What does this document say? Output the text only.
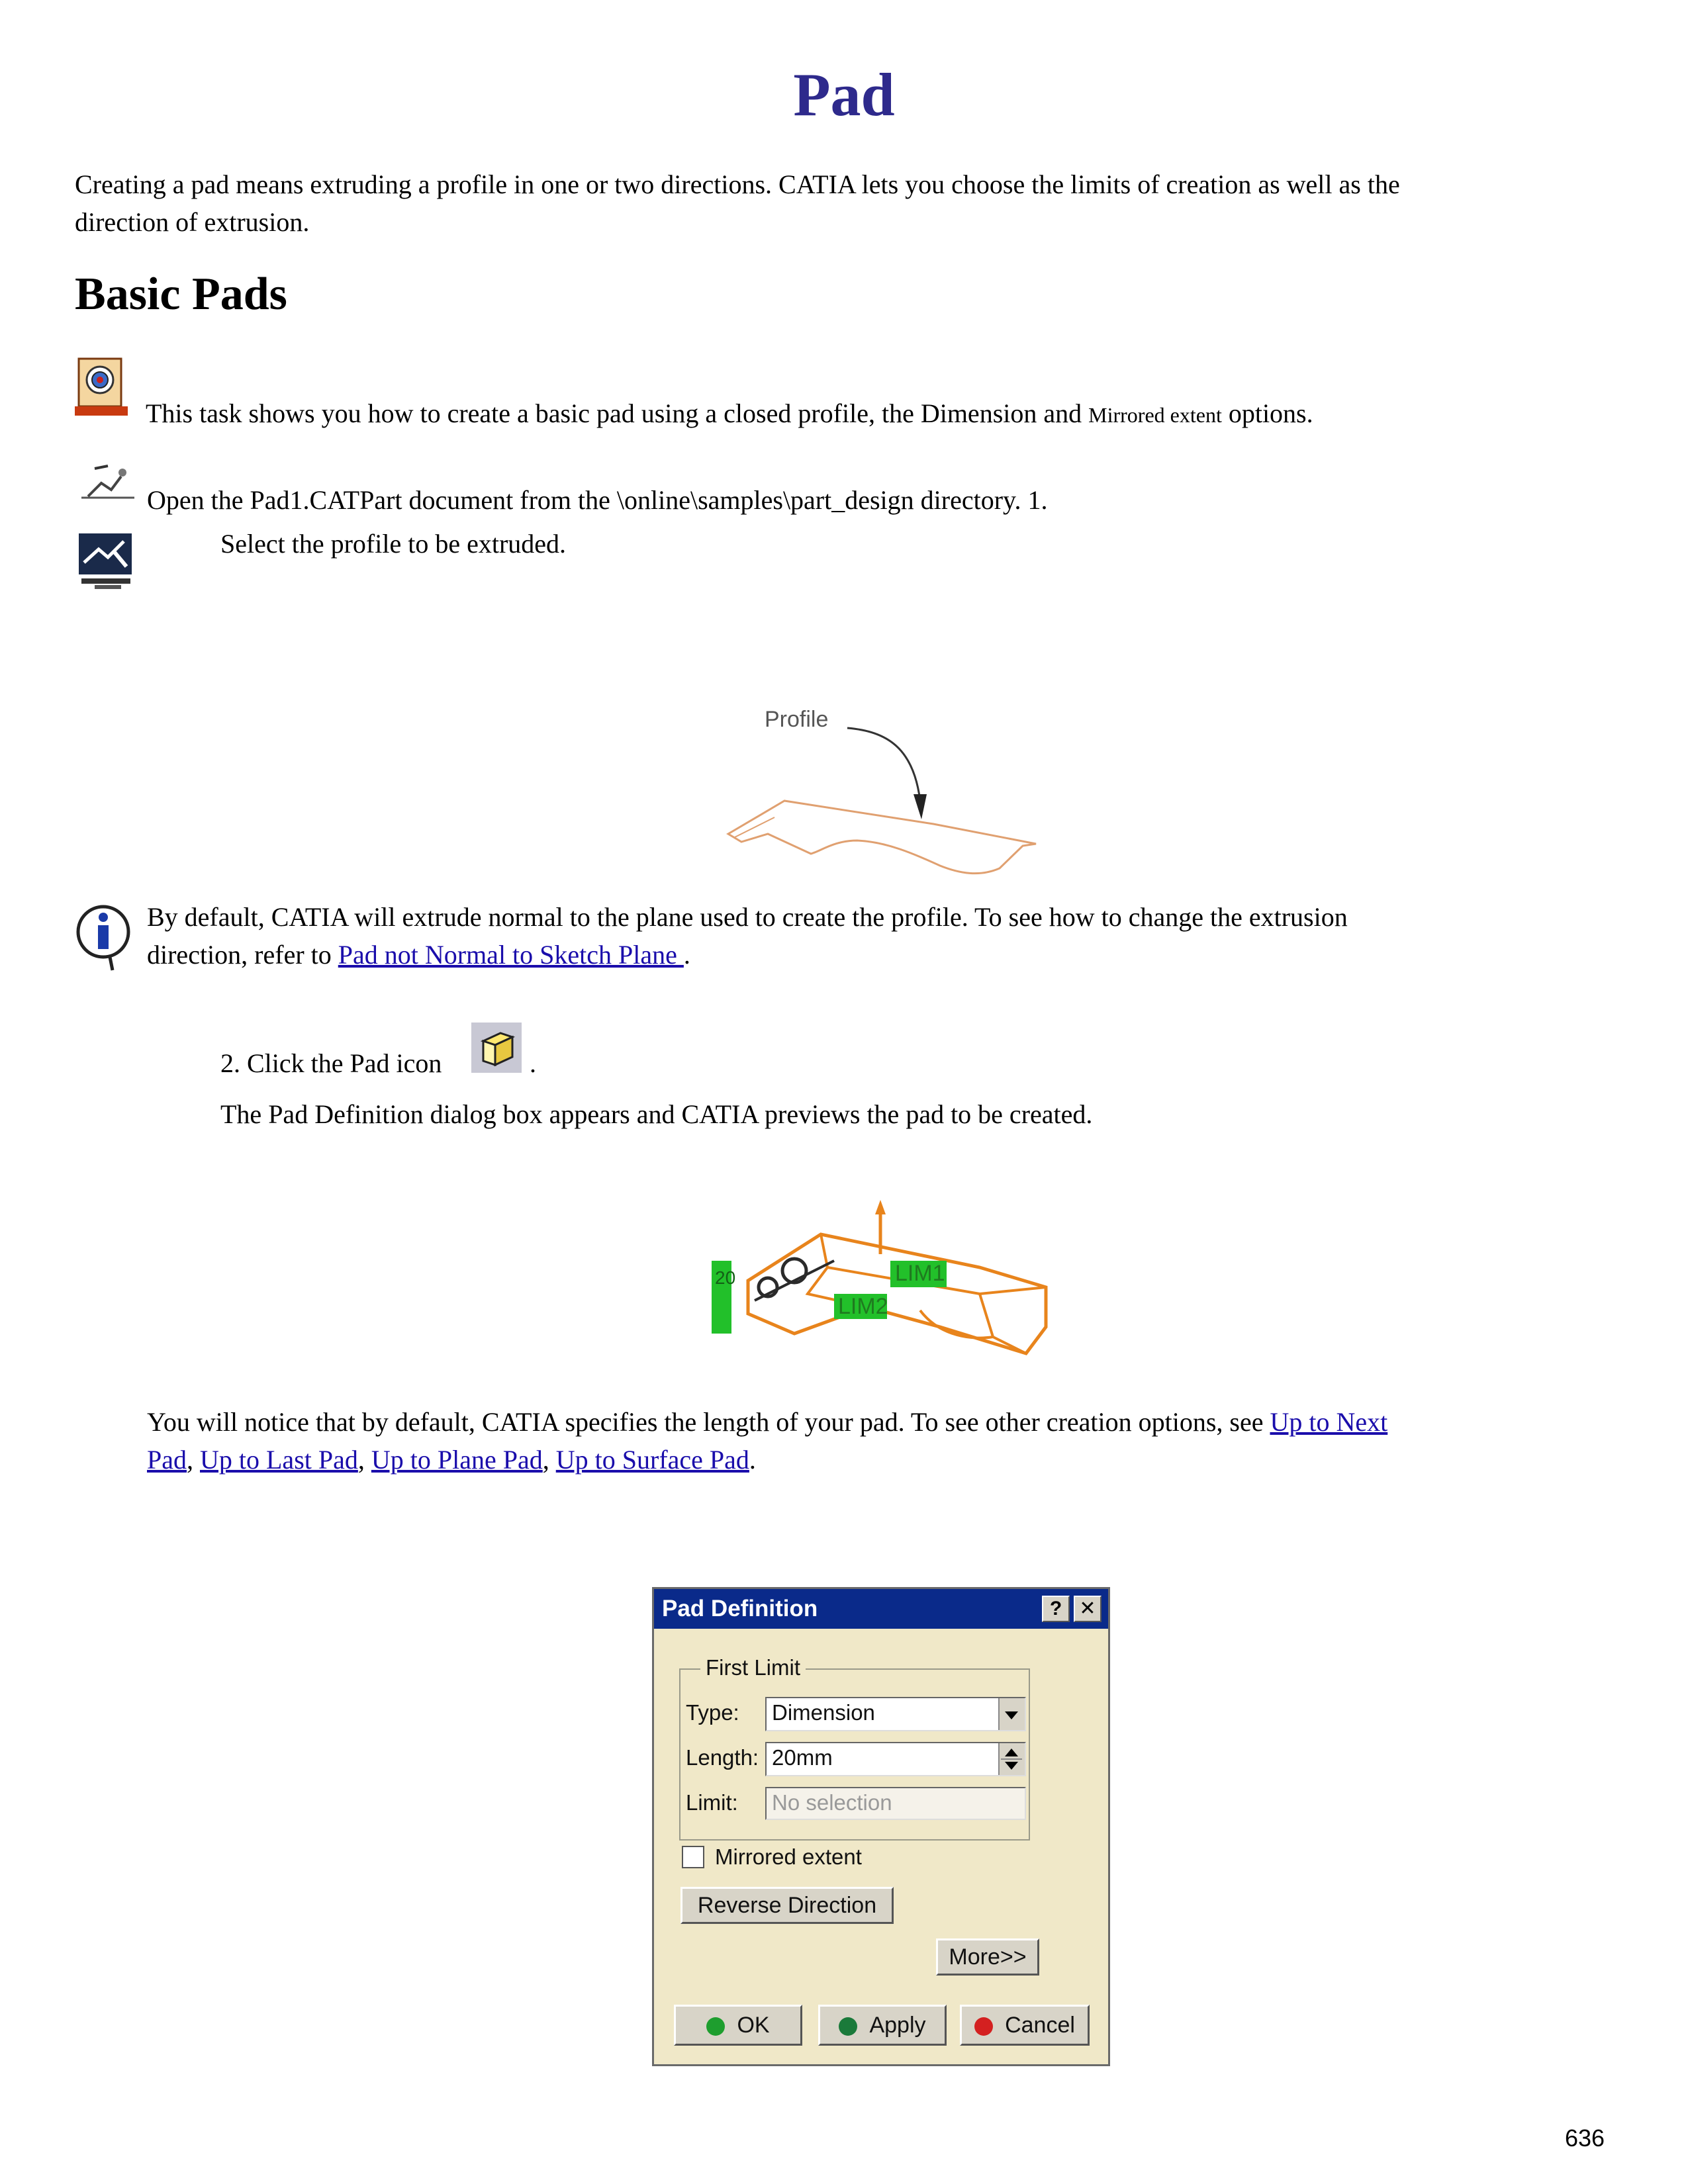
Pad
Creating a pad means extruding a profile in one or two directions. CATIA lets you choose the limits of creation as well as the
direction of extrusion.
Basic Pads
This task shows you how to create a basic pad using a closed profile, the Dimension and Mirrored extent options.
Open the Pad1.CATPart document from the \online\samples\part_design directory. 1.
Select the profile to be extruded.
Profile
By default, CATIA will extrude normal to the plane used to create the profile. To see how to change the extrusion
direction, refer to Pad not Normal to Sketch Plane .
2. Click the Pad icon	.
The Pad Definition dialog box appears and CATIA previews the pad to be created.
20	LIM1
LIM2
You will notice that by default, CATIA specifies the length of your pad. To see other creation options, see Up to Next
Pad, Up to Last Pad, Up to Plane Pad, Up to Surface Pad.
Pad Definition	? ✕
First Limit
Type:	Dimension
Length: 20mm
Limit:	No selection
Mirrored extent
Reverse Direction
More>>
OK	Apply	Cancel
636
